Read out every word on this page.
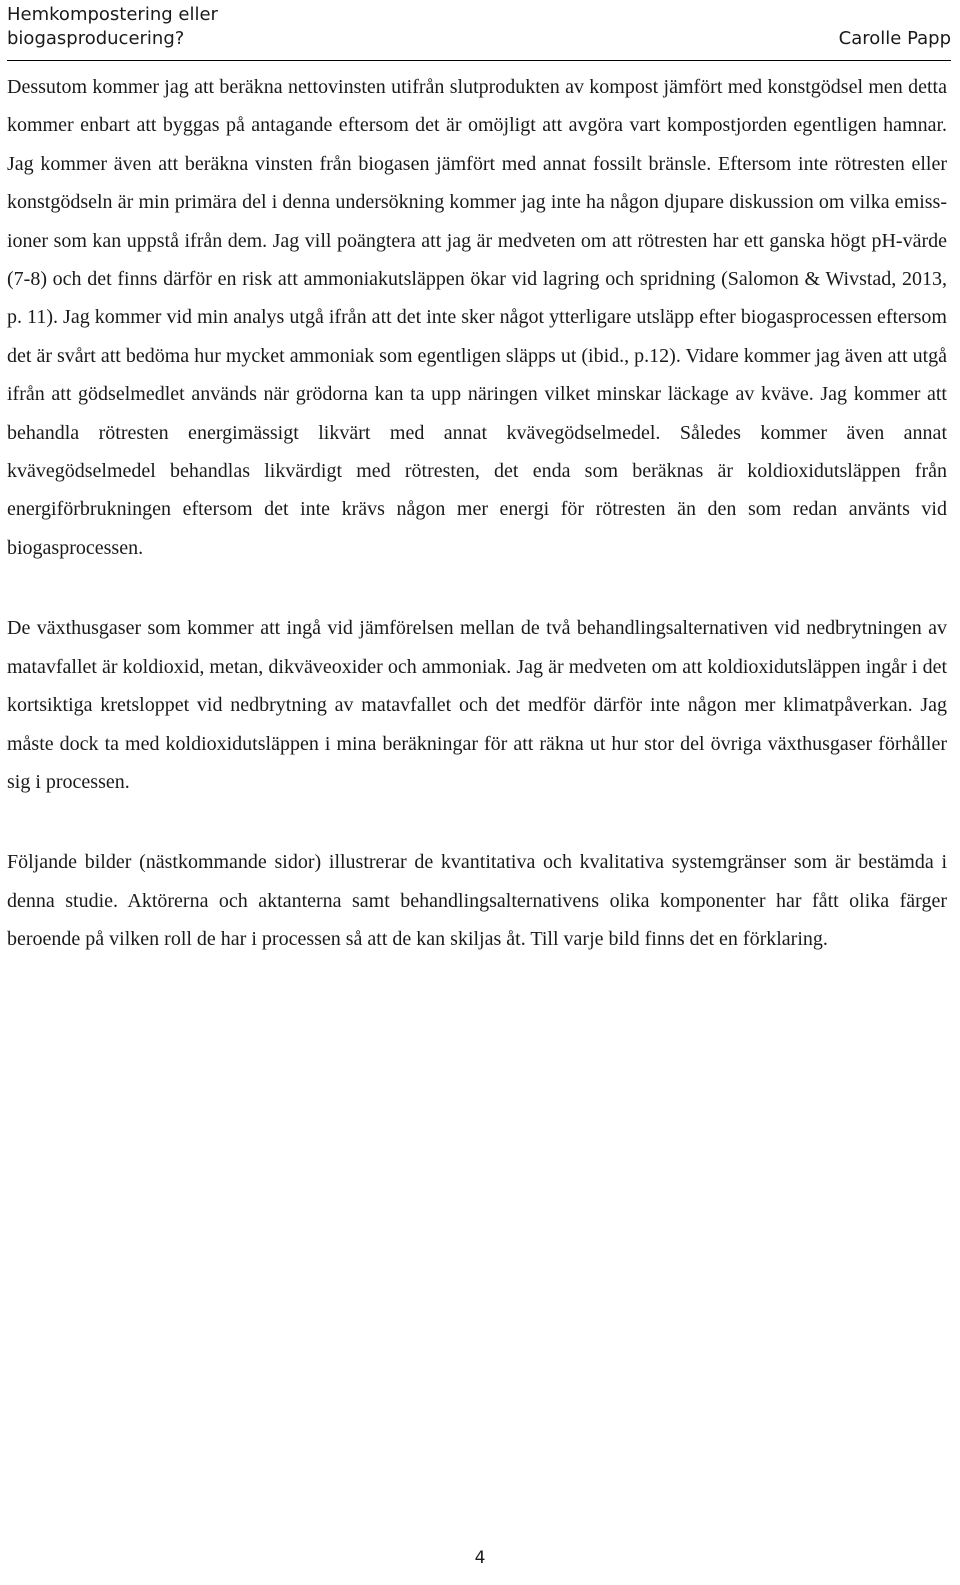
Hemkompostering eller
biogasproducering?	Carolle Papp

Dessutom kommer jag att beräkna nettovinsten utifrån slutprodukten av kompost jämfört med konstgödsel men detta kommer enbart att byggas på antagande eftersom det är omöjligt att avgöra vart kompostjorden egentligen hamnar. Jag kommer även att beräkna vinsten från biogasen jämfört med annat fossilt bränsle. Eftersom inte rötresten eller konstgödseln är min primära del i denna undersökning kommer jag inte ha någon djupare diskussion om vilka emissioner som kan uppstå ifrån dem. Jag vill poängtera att jag är medveten om att rötresten har ett ganska högt pH-värde (7-8) och det finns därför en risk att ammoniakutsläppen ökar vid lagring och spridning (Salomon & Wivstad, 2013, p. 11). Jag kommer vid min analys utgå ifrån att det inte sker något ytterligare utsläpp efter biogasprocessen eftersom det är svårt att bedöma hur mycket ammoniak som egentligen släpps ut (ibid., p.12). Vidare kommer jag även att utgå ifrån att gödselmedlet används när grödorna kan ta upp näringen vilket minskar läckage av kväve. Jag kommer att behandla rötresten energimässigt likvärt med annat kvävegödselmedel. Således kommer även annat kvävegödselmedel behandlas likvärdigt med rötresten, det enda som beräknas är koldioxidutsläppen från energiförbrukningen eftersom det inte krävs någon mer energi för rötresten än den som redan använts vid biogasprocessen.

De växthusgaser som kommer att ingå vid jämförelsen mellan de två behandlingsalternativen vid nedbrytningen av matavfallet är koldioxid, metan, dikväveoxider och ammoniak. Jag är medveten om att koldioxidutsläppen ingår i det kortsiktiga kretsloppet vid nedbrytning av matavfallet och det medför därför inte någon mer klimatpåverkan. Jag måste dock ta med koldioxidutsläppen i mina beräkningar för att räkna ut hur stor del övriga växthusgaser förhåller sig i processen.

Följande bilder (nästkommande sidor) illustrerar de kvantitativa och kvalitativa systemgränser som är bestämda i denna studie. Aktörerna och aktanterna samt behandlingsalternativens olika komponenter har fått olika färger beroende på vilken roll de har i processen så att de kan skiljas åt. Till varje bild finns det en förklaring.

4
